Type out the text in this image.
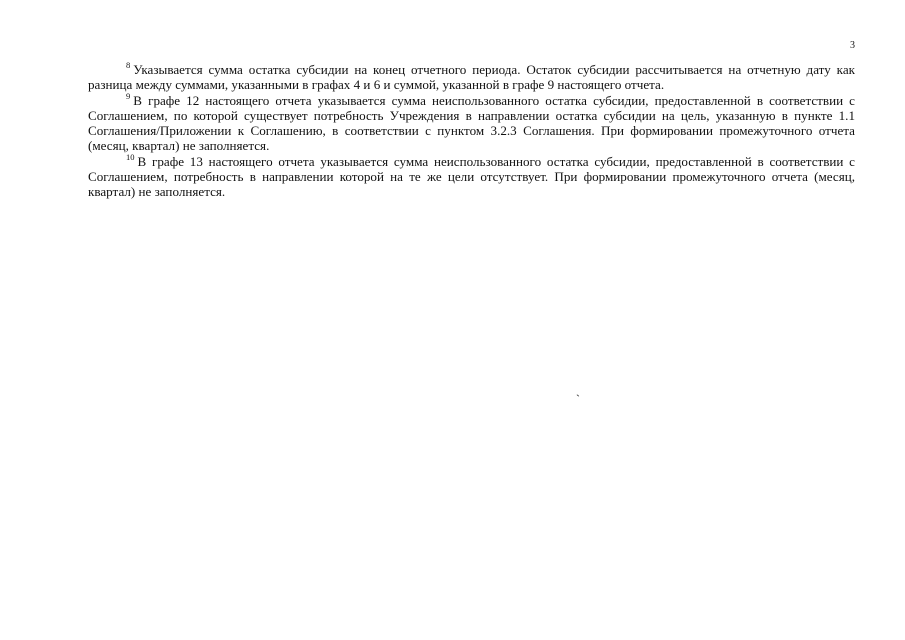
3

$^8$ Указывается сумма остатка субсидии на конец отчетного периода. Остаток субсидии рассчитывается на отчетную дату как разница между суммами, указанными в графах 4 и 6 и суммой, указанной в графе 9 настоящего отчета.

$^9$ В графе 12 настоящего отчета указывается сумма неиспользованного остатка субсидии, предоставленной в соответствии с Соглашением, по которой существует потребность Учреждения в направлении остатка субсидии на цель, указанную в пункте 1.1 Соглашения/Приложении к Соглашению, в соответствии с пунктом 3.2.3 Соглашения. При формировании промежуточного отчета (месяц, квартал) не заполняется.

$^{10}$ В графе 13 настоящего отчета указывается сумма неиспользованного остатка субсидии, предоставленной в соответствии с Соглашением, потребность в направлении которой на те же цели отсутствует. При формировании промежуточного отчета (месяц, квартал) не заполняется.

`
